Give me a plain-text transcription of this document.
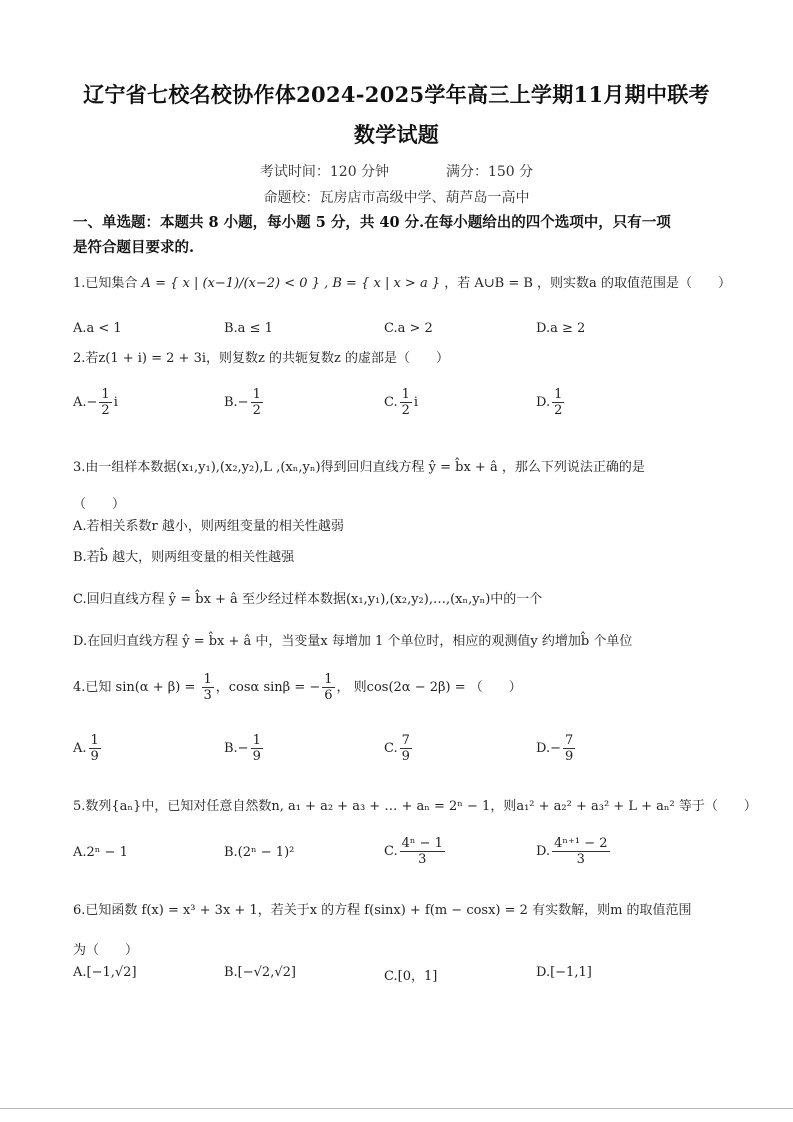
辽宁省七校名校协作体2024-2025学年高三上学期11月期中联考
数学试题
考试时间：120 分钟	满分：150 分
命题校：瓦房店市高级中学、葫芦岛一高中
一、单选题：本题共 8 小题，每小题 5 分，共 40 分.在每小题给出的四个选项中，只有一项
是符合题目要求的.
1.已知集合 A = { x | (x−1)/(x−2) < 0 } , B = { x | x > a } ，若 A∪B = B ，则实数a 的取值范围是（　　）
A.a < 1	B.a ≤ 1	C.a > 2	D.a ≥ 2
2.若z(1 + i) = 2 + 3i，则复数z 的共轭复数z 的虚部是（　　）
$A.- \frac{1}{2}$ i	$B.- \frac{1}{2}$	C. $\frac{1}{2}$ i	D. $\frac{1}{2}$
3.由一组样本数据(x₁,y₁),(x₂,y₂),L ,(xₙ,yₙ)得到回归直线方程 ŷ = b̂x + â ，那么下列说法正确的是
（　　）
A.若相关系数r 越小，则两组变量的相关性越弱
B.若b̂ 越大，则两组变量的相关性越强
C.回归直线方程 ŷ = b̂x + â 至少经过样本数据(x₁,y₁),(x₂,y₂),…,(xₙ,yₙ)中的一个
D.在回归直线方程 ŷ = b̂x + â 中，当变量x 每增加 1 个单位时，相应的观测值y 约增加b̂ 个单位
4.已知 $\sin(\alpha + \beta) = \frac{1}{3}$ ，cosα sinβ = − $\frac{1}{6}$ ， 则cos(2α − 2β) = （　　）
A. $\frac{1}{9}$	$B.- \frac{1}{9}$	C. $\frac{7}{9}$	$D.- \frac{7}{9}$
5.数列{aₙ}中，已知对任意自然数n, a₁ + a₂ + a₃ + … + aₙ = 2ⁿ − 1，则a₁² + a₂² + a₃² + L + aₙ² 等于（　　）
A.2ⁿ − 1	B.(2ⁿ − 1)²	C. $\frac{\text{4ⁿ − 1}}{3}$	D. $\frac{\text{4ⁿ⁺¹ − 2}}{3}$
6.已知函数 f(x) = x³ + 3x + 1，若关于x 的方程 f(sinx) + f(m − cosx) = 2 有实数解，则m 的取值范围
为（　　）
A.[−1,√2]	B.[−√2,√2]	C.[0，1]	D.[−1,1]
